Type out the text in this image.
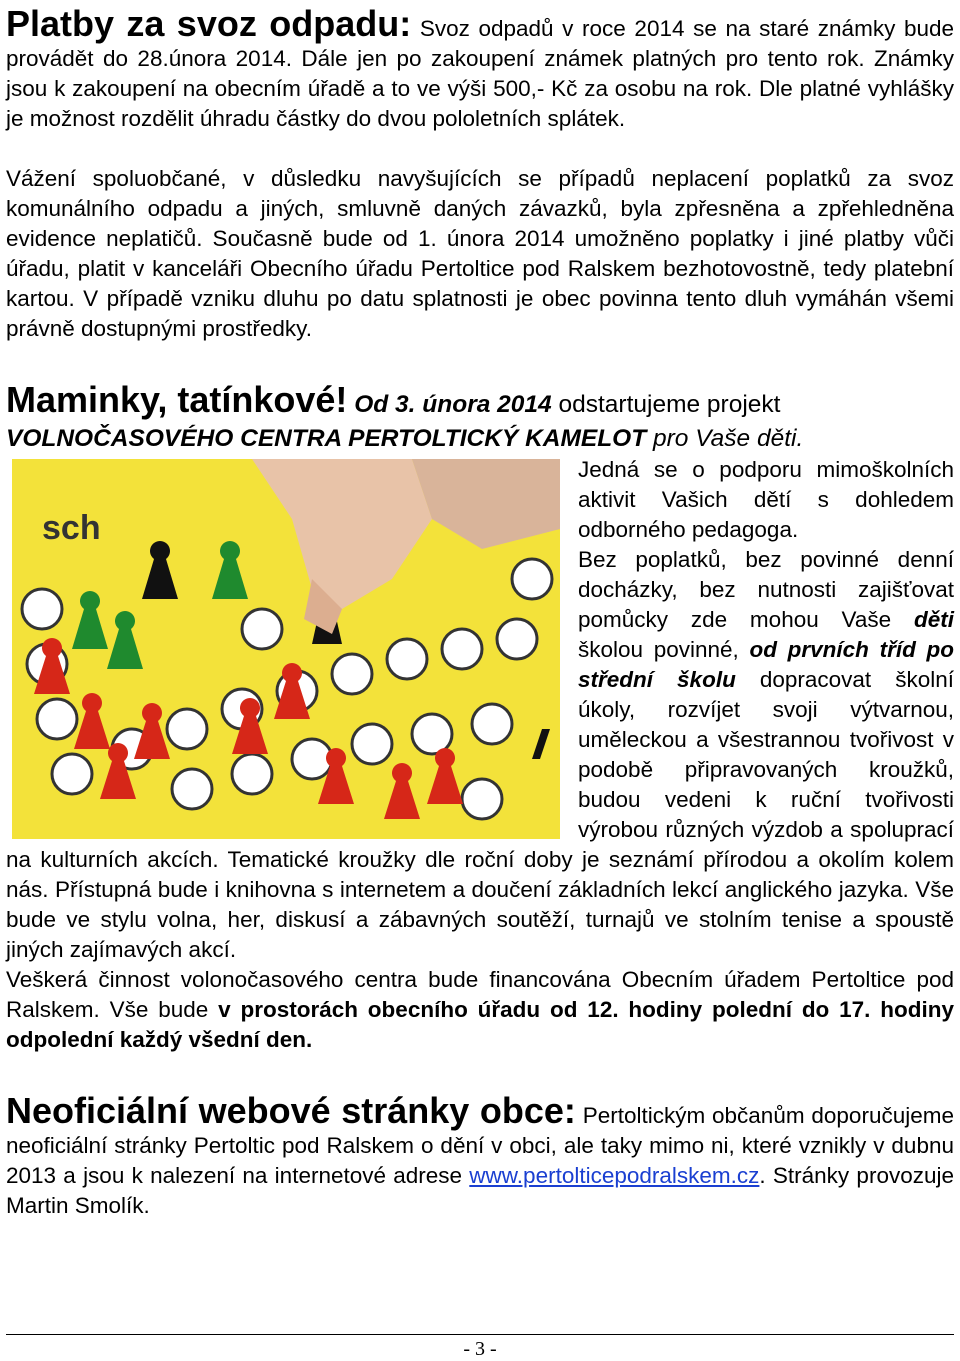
Platby za svoz odpadu: Svoz odpadů v roce 2014 se na staré známky bude provádět do 28.února 2014. Dále jen po zakoupení známek platných pro tento rok. Známky jsou k zakoupení na obecním úřadě a to ve výši 500,- Kč za osobu na rok. Dle platné vyhlášky je možnost rozdělit úhradu částky do dvou pololetních splátek.

Vážení spoluobčané, v důsledku navyšujících se případů neplacení poplatků za svoz komunálního odpadu a jiných, smluvně daných závazků, byla zpřesněna a zpřehledněna evidence neplatičů. Současně bude od 1. února 2014 umožněno poplatky i jiné platby vůči úřadu, platit v kanceláři Obecního úřadu Pertoltice pod Ralskem bezhotovostně, tedy platební kartou. V případě vzniku dluhu po datu splatnosti je obec povinna tento dluh vymáhán všemi právně dostupnými prostředky.

Maminky, tatínkové! Od 3. února 2014 odstartujeme projekt

VOLNOČASOVÉHO CENTRA PERTOLTICKÝ KAMELOT pro Vaše děti.

sch

Jedná se o podporu mimoškolních aktivit Vašich dětí s dohledem odborného pedagoga.

Bez poplatků, bez povinné denní docházky, bez nutnosti zajišťovat pomůcky zde mohou Vaše děti školou povinné, od prvních tříd po střední školu dopracovat školní úkoly, rozvíjet svoji výtvarnou, uměleckou a všestrannou tvořivost v podobě připravovaných kroužků, budou vedeni k ruční tvořivosti výrobou různých výzdob a spoluprací na kulturních akcích. Tematické kroužky dle roční doby je seznámí přírodou a okolím kolem nás. Přístupná bude i knihovna s internetem a doučení základních lekcí anglického jazyka. Vše bude ve stylu volna, her, diskusí a zábavných soutěží, turnajů ve stolním tenise a spoustě jiných zajímavých akcí.

Veškerá činnost volonočasového centra bude financována Obecním úřadem Pertoltice pod Ralskem. Vše bude v prostorách obecního úřadu od 12. hodiny polední do 17. hodiny odpolední každý všední den.

Neoficiální webové stránky obce: Pertoltickým občanům doporučujeme neoficiální stránky Pertoltic pod Ralskem o dění v obci, ale taky mimo ni, které vznikly v dubnu 2013 a jsou k nalezení na internetové adrese www.pertolticepodralskem.cz. Stránky provozuje Martin Smolík.

- 3 -
